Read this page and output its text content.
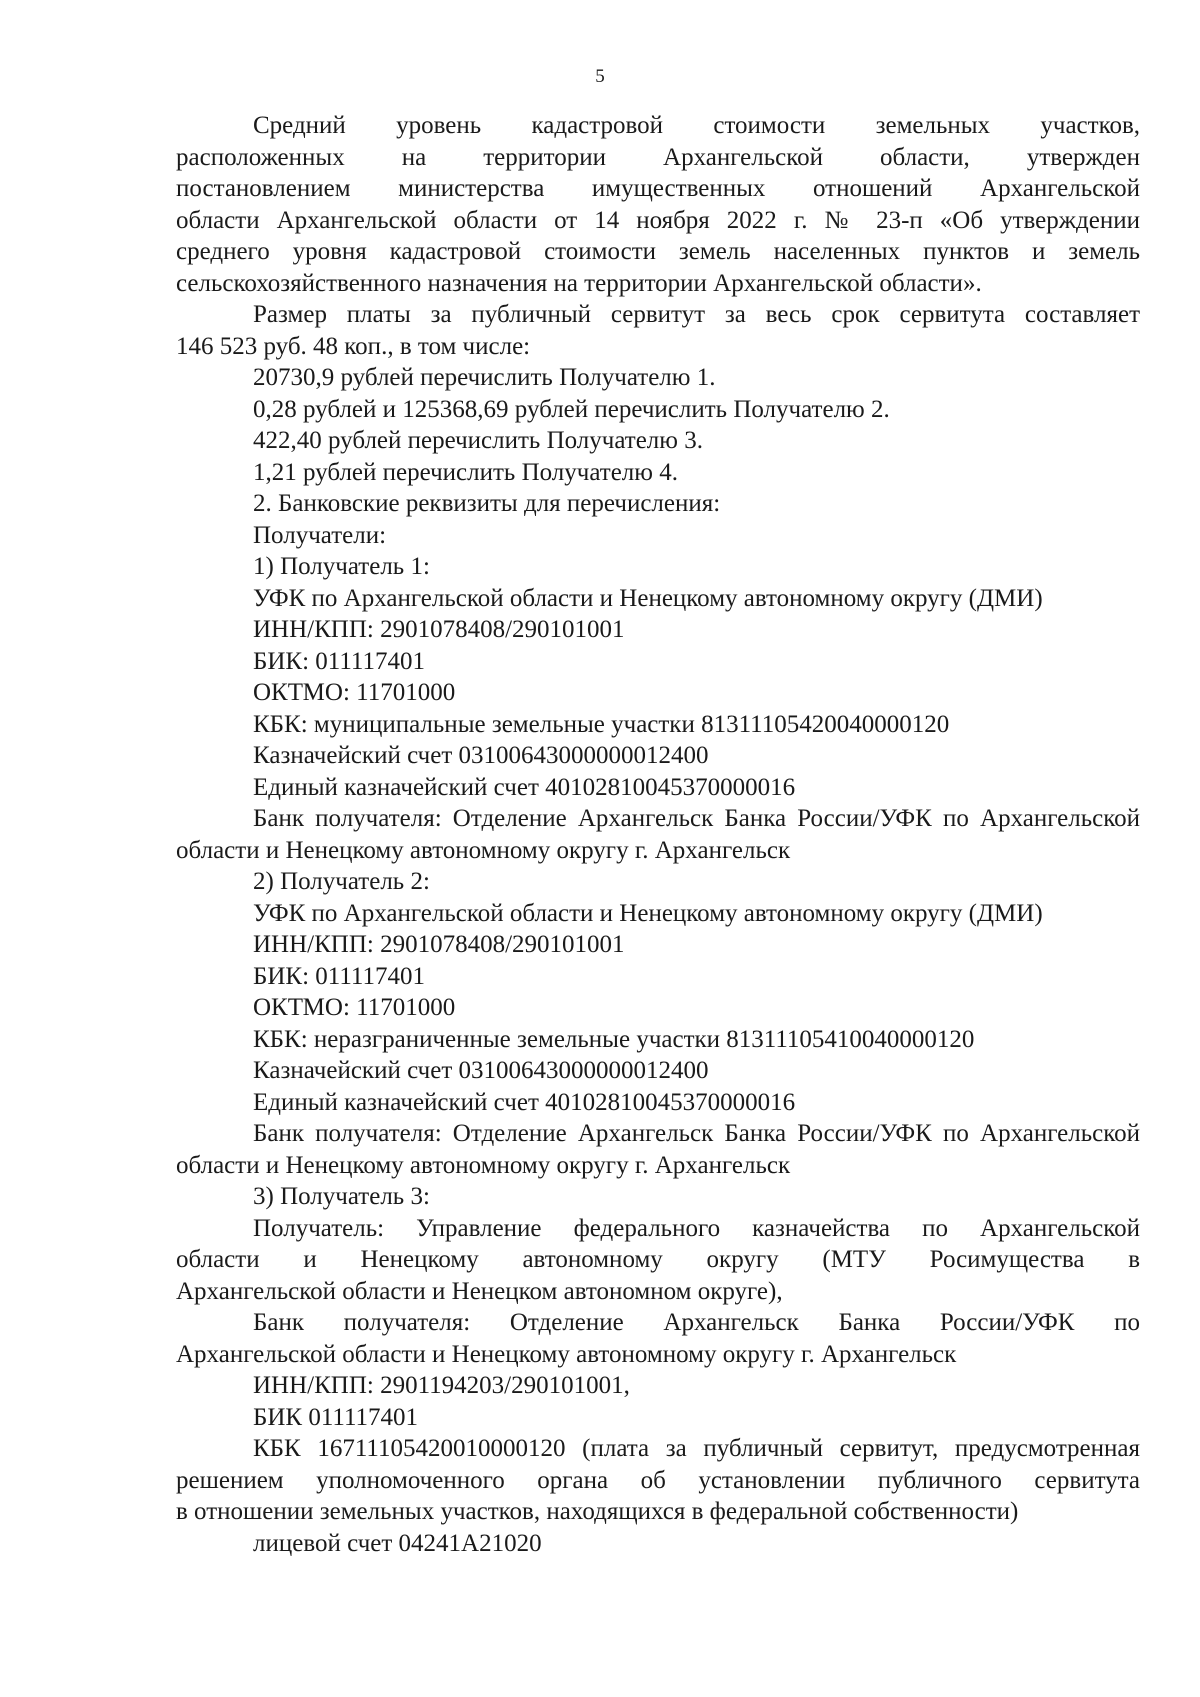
5
Средний уровень кадастровой стоимости земельных участков,
расположенных на территории Архангельской области, утвержден
постановлением министерства имущественных отношений Архангельской
области Архангельской области от 14 ноября 2022 г. № 23-п «Об утверждении
среднего уровня кадастровой стоимости земель населенных пунктов и земель
сельскохозяйственного назначения на территории Архангельской области».
Размер платы за публичный сервитут за весь срок сервитута составляет
146 523 руб. 48 коп., в том числе:
20730,9 рублей перечислить Получателю 1.
0,28 рублей и 125368,69 рублей перечислить Получателю 2.
422,40 рублей перечислить Получателю 3.
1,21 рублей перечислить Получателю 4.
2. Банковские реквизиты для перечисления:
Получатели:
1) Получатель 1:
УФК по Архангельской области и Ненецкому автономному округу (ДМИ)
ИНН/КПП: 2901078408/290101001
БИК: 011117401
ОКТМО: 11701000
КБК: муниципальные земельные участки 81311105420040000120
Казначейский счет 03100643000000012400
Единый казначейский счет 40102810045370000016
Банк получателя: Отделение Архангельск Банка России/УФК по Архангельской
области и Ненецкому автономному округу г. Архангельск
2) Получатель 2:
УФК по Архангельской области и Ненецкому автономному округу (ДМИ)
ИНН/КПП: 2901078408/290101001
БИК: 011117401
ОКТМО: 11701000
КБК: неразграниченные земельные участки 81311105410040000120
Казначейский счет 03100643000000012400
Единый казначейский счет 40102810045370000016
Банк получателя: Отделение Архангельск Банка России/УФК по Архангельской
области и Ненецкому автономному округу г. Архангельск
3) Получатель 3:
Получатель: Управление федерального казначейства по Архангельской
области и Ненецкому автономному округу (МТУ Росимущества в
Архангельской области и Ненецком автономном округе),
Банк получателя: Отделение Архангельск Банка России/УФК по
Архангельской области и Ненецкому автономному округу г. Архангельск
ИНН/КПП: 2901194203/290101001,
БИК 011117401
КБК 16711105420010000120 (плата за публичный сервитут, предусмотренная
решением уполномоченного органа об установлении публичного сервитута
в отношении земельных участков, находящихся в федеральной собственности)
лицевой счет 04241А21020
